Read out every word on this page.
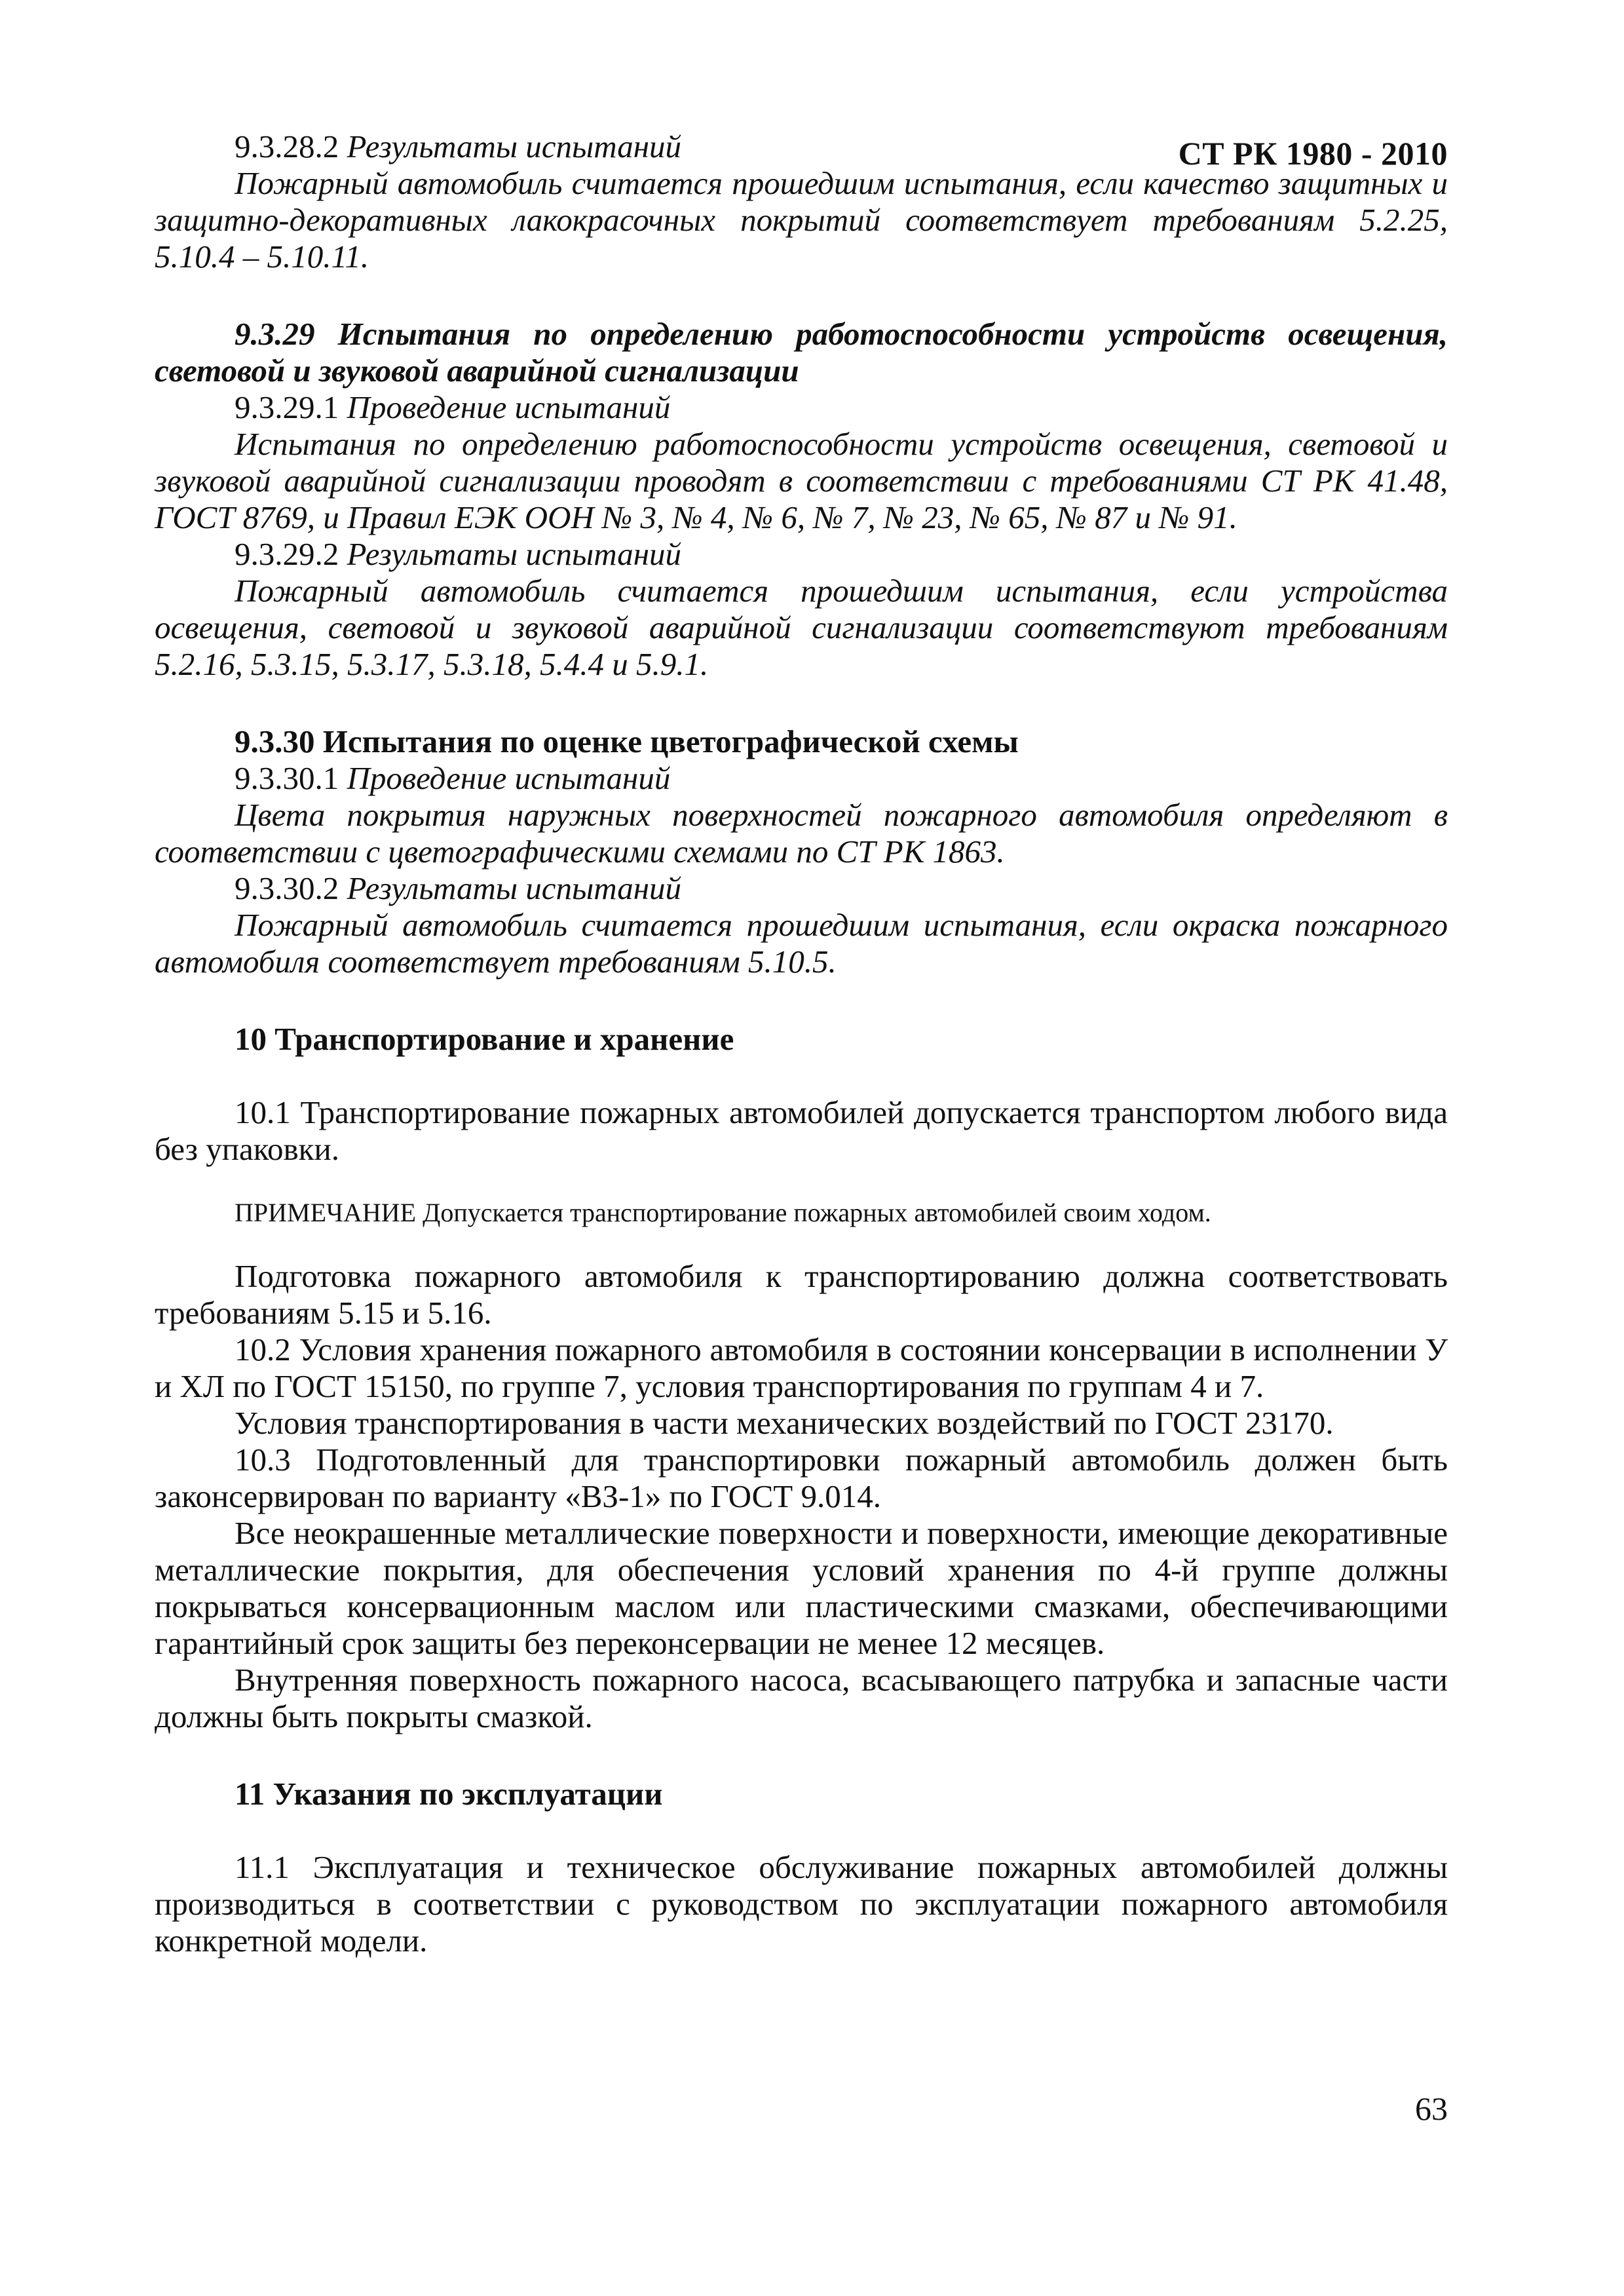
СТ РК 1980 - 2010

9.3.28.2 Результаты испытаний

Пожарный автомобиль считается прошедшим испытания, если качество защитных и защитно-декоративных лакокрасочных покрытий соответствует требованиям 5.2.25, 5.10.4 – 5.10.11.

9.3.29 Испытания по определению работоспособности устройств освещения, световой и звуковой аварийной сигнализации

9.3.29.1 Проведение испытаний

Испытания по определению работоспособности устройств освещения, световой и звуковой аварийной сигнализации проводят в соответствии с требованиями СТ РК 41.48, ГОСТ 8769, и Правил ЕЭК ООН № 3, № 4, № 6, № 7, № 23, № 65, № 87 и № 91.

9.3.29.2 Результаты испытаний

Пожарный автомобиль считается прошедшим испытания, если устройства освещения, световой и звуковой аварийной сигнализации соответствуют требованиям 5.2.16, 5.3.15, 5.3.17, 5.3.18, 5.4.4 и 5.9.1.

9.3.30 Испытания по оценке цветографической схемы

9.3.30.1 Проведение испытаний

Цвета покрытия наружных поверхностей пожарного автомобиля определяют в соответствии с цветографическими схемами по СТ РК 1863.

9.3.30.2 Результаты испытаний

Пожарный автомобиль считается прошедшим испытания, если окраска пожарного автомобиля соответствует требованиям 5.10.5.

10 Транспортирование и хранение

10.1 Транспортирование пожарных автомобилей допускается транспортом любого вида без упаковки.

ПРИМЕЧАНИЕ Допускается транспортирование пожарных автомобилей своим ходом.

Подготовка пожарного автомобиля к транспортированию должна соответствовать требованиям 5.15 и 5.16.

10.2 Условия хранения пожарного автомобиля в состоянии консервации в исполнении У и ХЛ по ГОСТ 15150, по группе 7, условия транспортирования по группам 4 и 7.

Условия транспортирования в части механических воздействий по ГОСТ 23170.

10.3 Подготовленный для транспортировки пожарный автомобиль должен быть законсервирован по варианту «ВЗ-1» по ГОСТ 9.014.

Все неокрашенные металлические поверхности и поверхности, имеющие декоративные металлические покрытия, для обеспечения условий хранения по 4-й группе должны покрываться консервационным маслом или пластическими смазками, обеспечивающими гарантийный срок защиты без переконсервации не менее 12 месяцев.

Внутренняя поверхность пожарного насоса, всасывающего патрубка и запасные части должны быть покрыты смазкой.

11 Указания по эксплуатации

11.1 Эксплуатация и техническое обслуживание пожарных автомобилей должны производиться в соответствии с руководством по эксплуатации пожарного автомобиля конкретной модели.

63
